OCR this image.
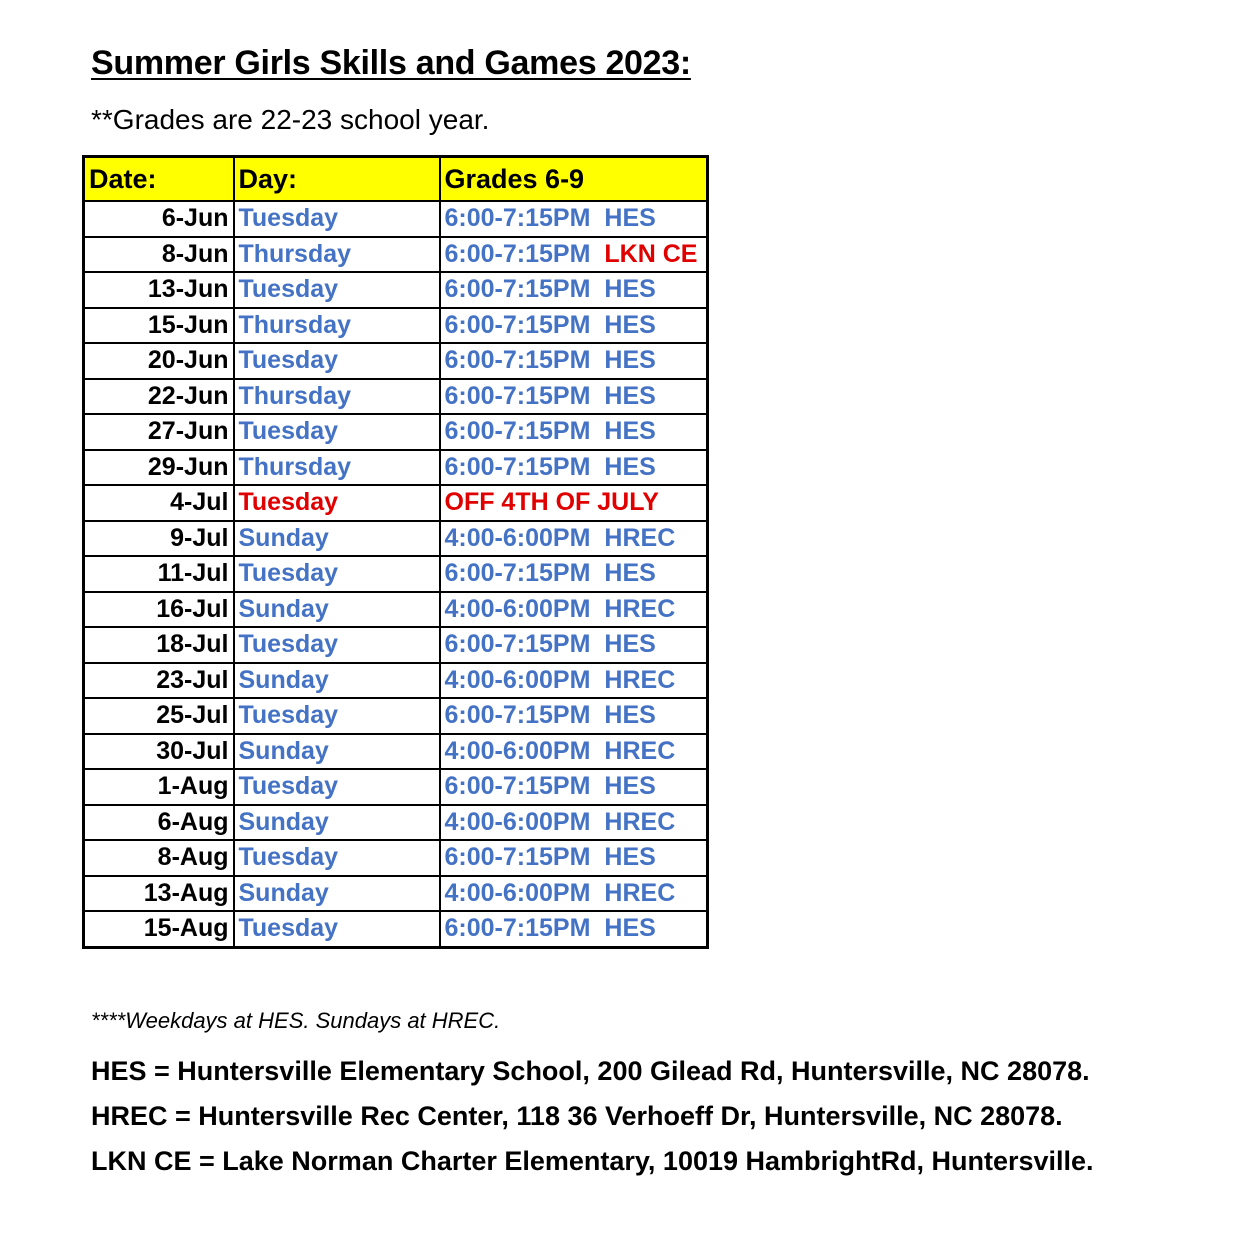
Summer Girls Skills and Games 2023:
**Grades are 22-23 school year.
Date:	Day:	Grades 6-9
6-Jun	Tuesday	6:00-7:15PM HES
8-Jun	Thursday	6:00-7:15PM LKN CE
13-Jun	Tuesday	6:00-7:15PM HES
15-Jun	Thursday	6:00-7:15PM HES
20-Jun	Tuesday	6:00-7:15PM HES
22-Jun	Thursday	6:00-7:15PM HES
27-Jun	Tuesday	6:00-7:15PM HES
29-Jun	Thursday	6:00-7:15PM HES
4-Jul	Tuesday	OFF 4TH OF JULY
9-Jul	Sunday	4:00-6:00PM HREC
11-Jul	Tuesday	6:00-7:15PM HES
16-Jul	Sunday	4:00-6:00PM HREC
18-Jul	Tuesday	6:00-7:15PM HES
23-Jul	Sunday	4:00-6:00PM HREC
25-Jul	Tuesday	6:00-7:15PM HES
30-Jul	Sunday	4:00-6:00PM HREC
1-Aug	Tuesday	6:00-7:15PM HES
6-Aug	Sunday	4:00-6:00PM HREC
8-Aug	Tuesday	6:00-7:15PM HES
13-Aug	Sunday	4:00-6:00PM HREC
15-Aug	Tuesday	6:00-7:15PM HES
****Weekdays at HES. Sundays at HREC.
HES = Huntersville Elementary School, 200 Gilead Rd, Huntersville, NC 28078.
HREC = Huntersville Rec Center, 118 36 Verhoeff Dr, Huntersville, NC 28078.
LKN CE = Lake Norman Charter Elementary, 10019 HambrightRd, Huntersville.
